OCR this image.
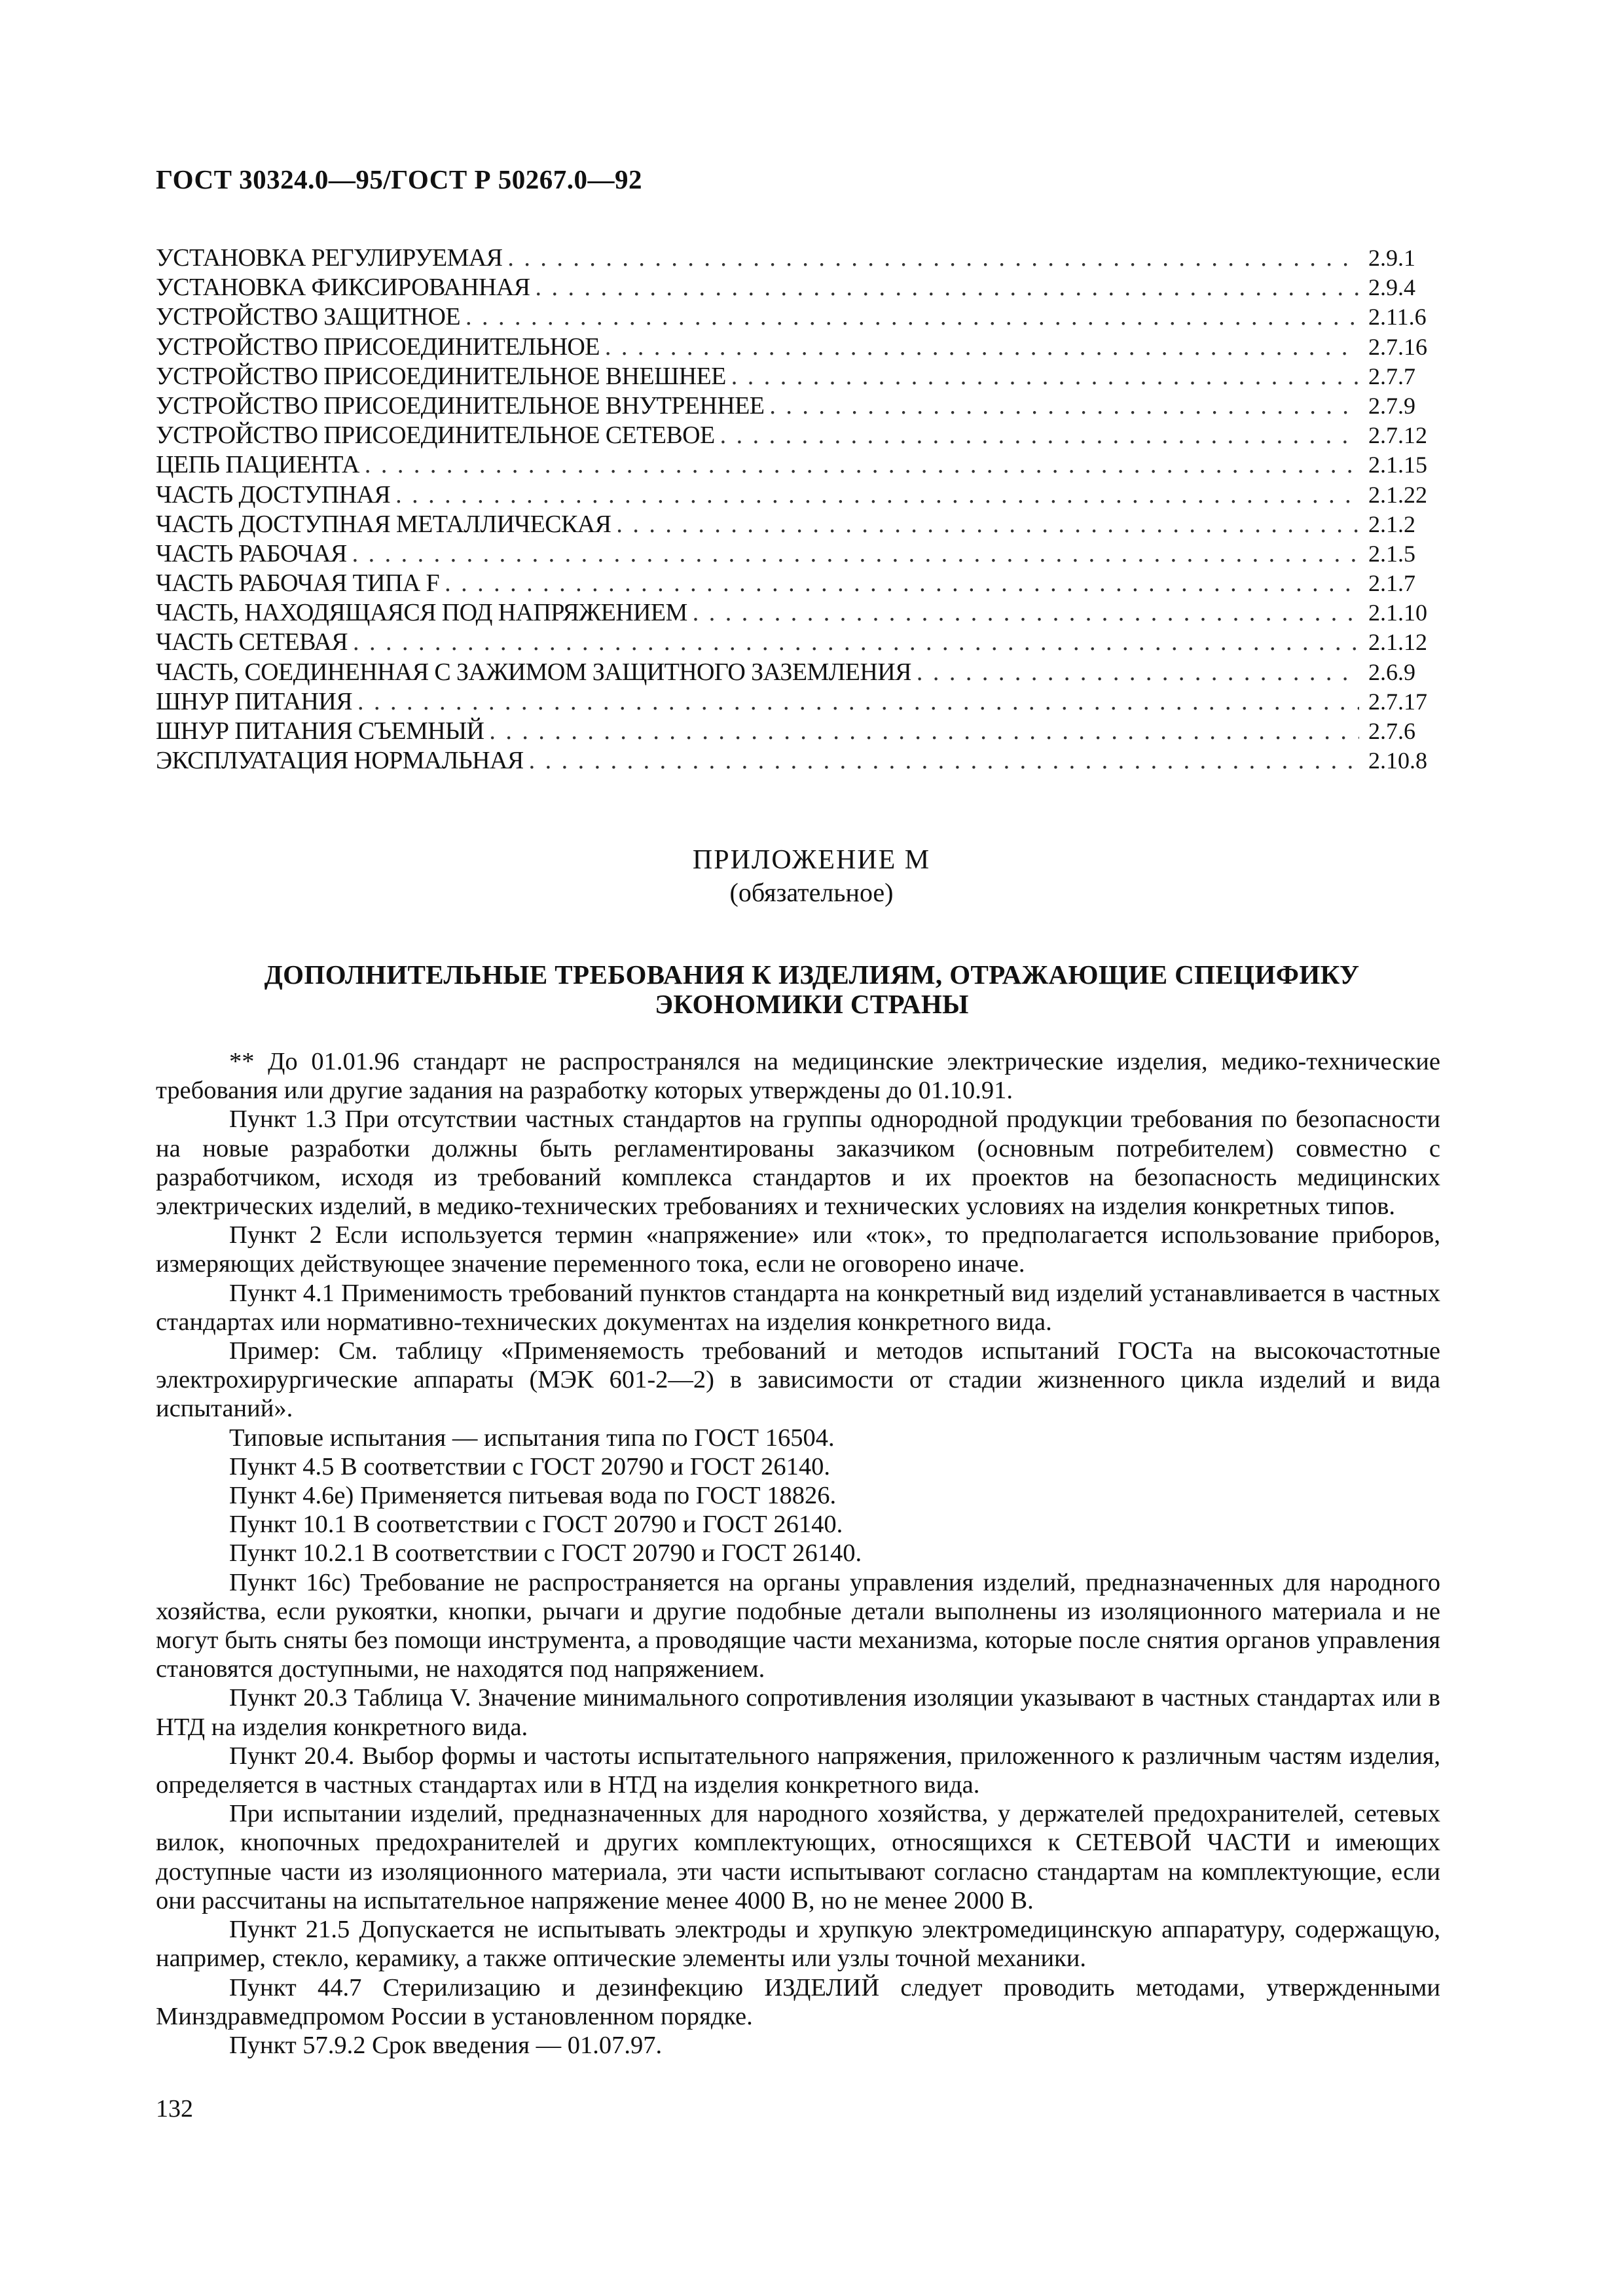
ГОСТ 30324.0—95/ГОСТ Р 50267.0—92
УСТАНОВКА РЕГУЛИРУЕМАЯ . . .	2.9.1
УСТАНОВКА ФИКСИРОВАННАЯ . . .	2.9.4
УСТРОЙСТВО ЗАЩИТНОЕ . . .	2.11.6
УСТРОЙСТВО ПРИСОЕДИНИТЕЛЬНОЕ . . .	2.7.16
УСТРОЙСТВО ПРИСОЕДИНИТЕЛЬНОЕ ВНЕШНЕЕ . . .	2.7.7
УСТРОЙСТВО ПРИСОЕДИНИТЕЛЬНОЕ ВНУТРЕННЕЕ . . .	2.7.9
УСТРОЙСТВО ПРИСОЕДИНИТЕЛЬНОЕ СЕТЕВОЕ . . .	2.7.12
ЦЕПЬ ПАЦИЕНТА . . .	2.1.15
ЧАСТЬ ДОСТУПНАЯ . . .	2.1.22
ЧАСТЬ ДОСТУПНАЯ МЕТАЛЛИЧЕСКАЯ . . .	2.1.2
ЧАСТЬ РАБОЧАЯ . . .	2.1.5
ЧАСТЬ РАБОЧАЯ ТИПА F . . .	2.1.7
ЧАСТЬ, НАХОДЯЩАЯСЯ ПОД НАПРЯЖЕНИЕМ . . .	2.1.10
ЧАСТЬ СЕТЕВАЯ . . .	2.1.12
ЧАСТЬ, СОЕДИНЕННАЯ С ЗАЖИМОМ ЗАЩИТНОГО ЗАЗЕМЛЕНИЯ . . .	2.6.9
ШНУР ПИТАНИЯ . . .	2.7.17
ШНУР ПИТАНИЯ СЪЕМНЫЙ . . .	2.7.6
ЭКСПЛУАТАЦИЯ НОРМАЛЬНАЯ . . .	2.10.8
ПРИЛОЖЕНИЕ М
(обязательное)
ДОПОЛНИТЕЛЬНЫЕ ТРЕБОВАНИЯ К ИЗДЕЛИЯМ, ОТРАЖАЮЩИЕ СПЕЦИФИКУ
ЭКОНОМИКИ СТРАНЫ

** До 01.01.96 стандарт не распространялся на медицинские электрические изделия, медико-технические требования или другие задания на разработку которых утверждены до 01.10.91.

Пункт 1.3 При отсутствии частных стандартов на группы однородной продукции требования по безопасности на новые разработки должны быть регламентированы заказчиком (основным потребителем) совместно с разработчиком, исходя из требований комплекса стандартов и их проектов на безопасность медицинских электрических изделий, в медико-технических требованиях и технических условиях на изделия конкретных типов.

Пункт 2 Если используется термин «напряжение» или «ток», то предполагается использование приборов, измеряющих действующее значение переменного тока, если не оговорено иначе.

Пункт 4.1 Применимость требований пунктов стандарта на конкретный вид изделий устанавливается в частных стандартах или нормативно-технических документах на изделия конкретного вида.

Пример: См. таблицу «Применяемость требований и методов испытаний ГОСТа на высокочастотные электрохирургические аппараты (МЭК 601-2—2) в зависимости от стадии жизненного цикла изделий и вида испытаний».

Типовые испытания — испытания типа по ГОСТ 16504.

Пункт 4.5 В соответствии с ГОСТ 20790 и ГОСТ 26140.

Пункт 4.6е) Применяется питьевая вода по ГОСТ 18826.

Пункт 10.1 В соответствии с ГОСТ 20790 и ГОСТ 26140.

Пункт 10.2.1 В соответствии с ГОСТ 20790 и ГОСТ 26140.

Пункт 16с) Требование не распространяется на органы управления изделий, предназначенных для народного хозяйства, если рукоятки, кнопки, рычаги и другие подобные детали выполнены из изоляционного материала и не могут быть сняты без помощи инструмента, а проводящие части механизма, которые после снятия органов управления становятся доступными, не находятся под напряжением.

Пункт 20.3 Таблица V. Значение минимального сопротивления изоляции указывают в частных стандартах или в НТД на изделия конкретного вида.

Пункт 20.4. Выбор формы и частоты испытательного напряжения, приложенного к различным частям изделия, определяется в частных стандартах или в НТД на изделия конкретного вида.

При испытании изделий, предназначенных для народного хозяйства, у держателей предохранителей, сетевых вилок, кнопочных предохранителей и других комплектующих, относящихся к СЕТЕВОЙ ЧАСТИ и имеющих доступные части из изоляционного материала, эти части испытывают согласно стандартам на комплектующие, если они рассчитаны на испытательное напряжение менее 4000 В, но не менее 2000 В.

Пункт 21.5 Допускается не испытывать электроды и хрупкую электромедицинскую аппаратуру, содержащую, например, стекло, керамику, а также оптические элементы или узлы точной механики.

Пункт 44.7 Стерилизацию и дезинфекцию ИЗДЕЛИЙ следует проводить методами, утвержденными Минздравмедпромом России в установленном порядке.

Пункт 57.9.2 Срок введения — 01.07.97.

132
